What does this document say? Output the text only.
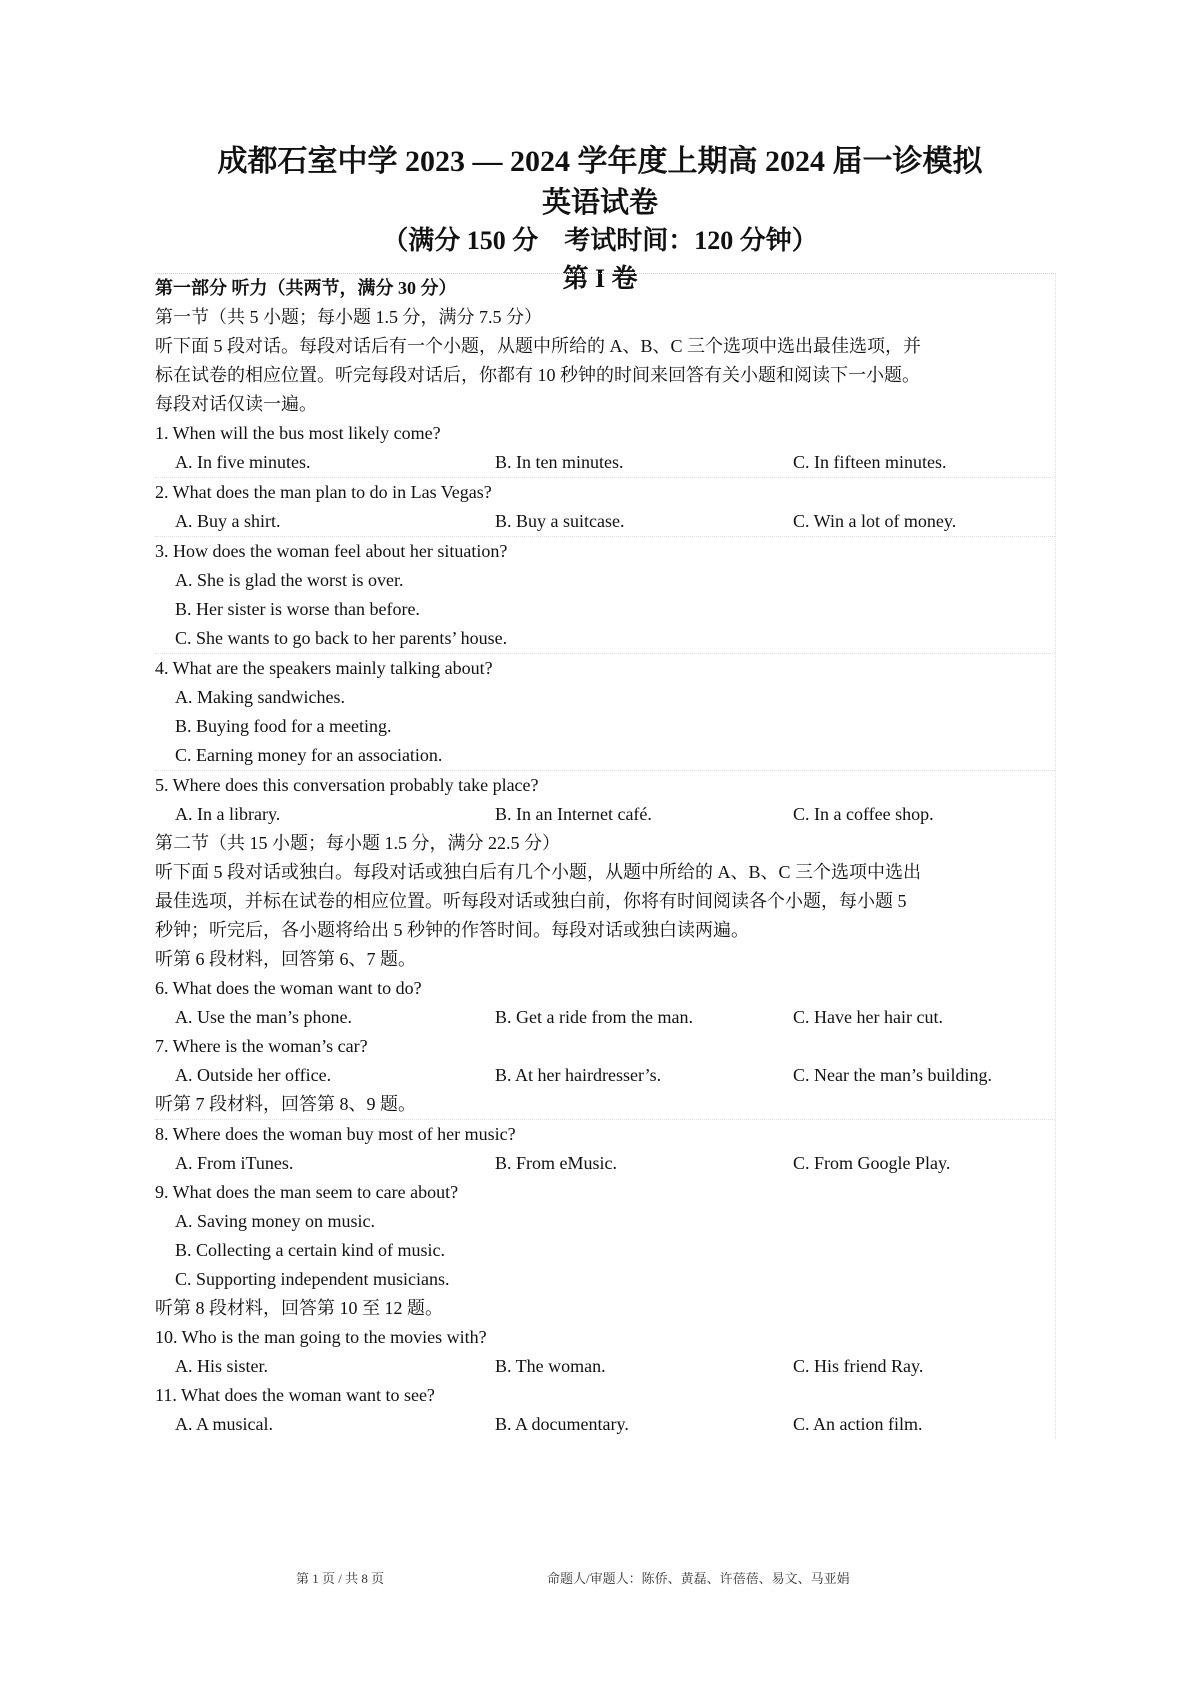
成都石室中学 2023 — 2024 学年度上期高 2024 届一诊模拟
英语试卷
（满分 150 分　考试时间：120 分钟）
第 I 卷
第一部分 听力（共两节，满分 30 分）
第一节（共 5 小题；每小题 1.5 分，满分 7.5 分）
听下面 5 段对话。每段对话后有一个小题，从题中所给的 A、B、C 三个选项中选出最佳选项，并
标在试卷的相应位置。听完每段对话后，你都有 10 秒钟的时间来回答有关小题和阅读下一小题。
每段对话仅读一遍。
1. When will the bus most likely come?
A. In five minutes.	B. In ten minutes.	C. In fifteen minutes.
2. What does the man plan to do in Las Vegas?
A. Buy a shirt.	B. Buy a suitcase.	C. Win a lot of money.
3. How does the woman feel about her situation?
A. She is glad the worst is over.
B. Her sister is worse than before.
C. She wants to go back to her parents’ house.
4. What are the speakers mainly talking about?
A. Making sandwiches.
B. Buying food for a meeting.
C. Earning money for an association.
5. Where does this conversation probably take place?
A. In a library.	B. In an Internet café.	C. In a coffee shop.
第二节（共 15 小题；每小题 1.5 分，满分 22.5 分）
听下面 5 段对话或独白。每段对话或独白后有几个小题，从题中所给的 A、B、C 三个选项中选出
最佳选项，并标在试卷的相应位置。听每段对话或独白前，你将有时间阅读各个小题，每小题 5
秒钟；听完后，各小题将给出 5 秒钟的作答时间。每段对话或独白读两遍。
听第 6 段材料，回答第 6、7 题。
6. What does the woman want to do?
A. Use the man’s phone.	B. Get a ride from the man.	C. Have her hair cut.
7. Where is the woman’s car?
A. Outside her office.	B. At her hairdresser’s.	C. Near the man’s building.
听第 7 段材料，回答第 8、9 题。
8. Where does the woman buy most of her music?
A. From iTunes.	B. From eMusic.	C. From Google Play.
9. What does the man seem to care about?
A. Saving money on music.
B. Collecting a certain kind of music.
C. Supporting independent musicians.
听第 8 段材料，回答第 10 至 12 题。
10. Who is the man going to the movies with?
A. His sister.	B. The woman.	C. His friend Ray.
11. What does the woman want to see?
A. A musical.	B. A documentary.	C. An action film.
第 1 页 / 共 8 页	命题人/审题人：陈侨、黄磊、许蓓蓓、易文、马亚娟
